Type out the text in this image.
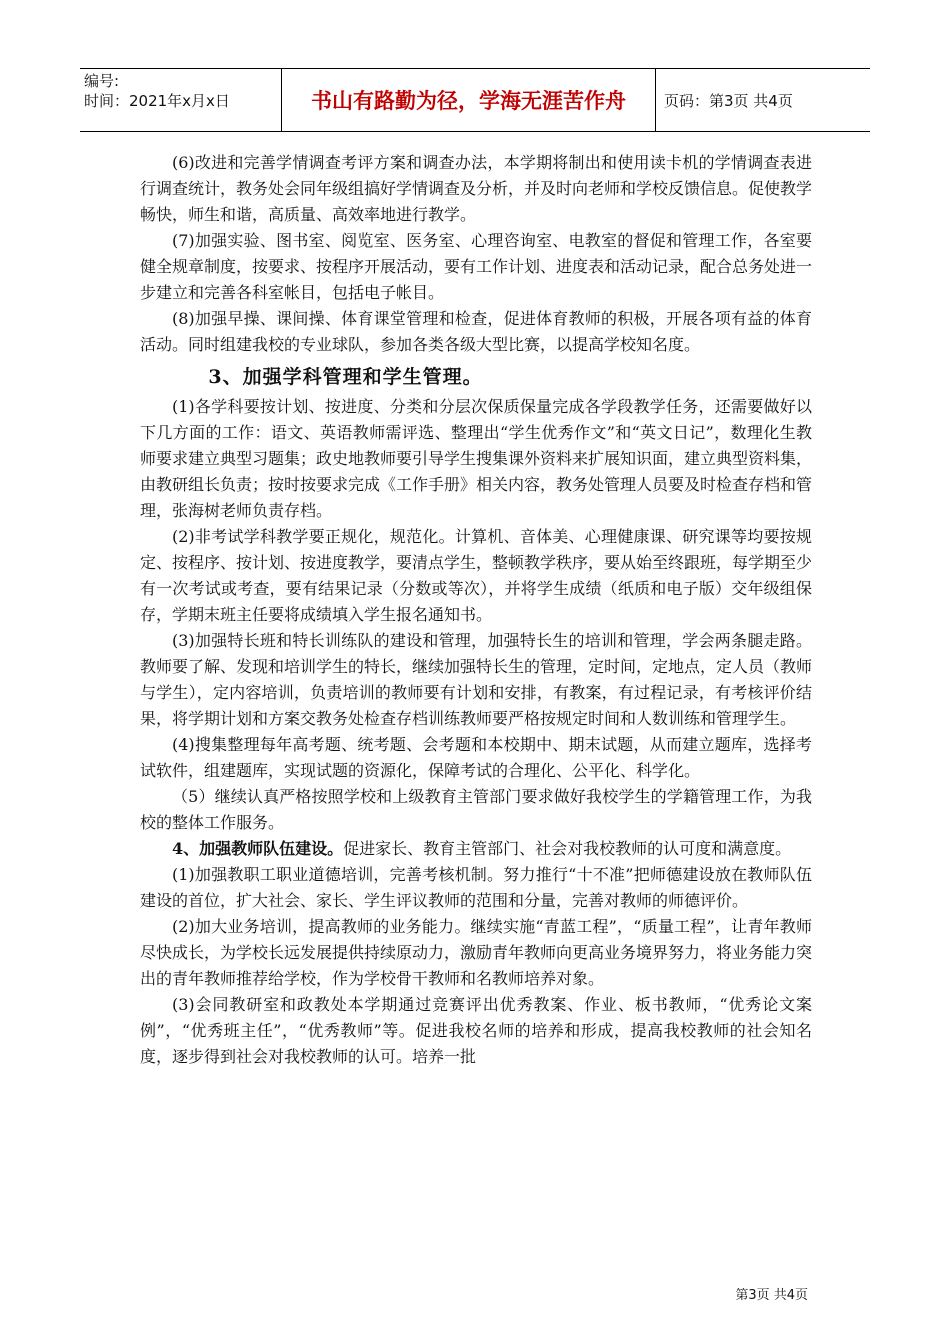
编号:
时间：2021年x月x日	书山有路勤为径，学海无涯苦作舟	页码：第3页 共4页

(6)改进和完善学情调查考评方案和调查办法，本学期将制出和使用读卡机的学情调查表进行调查统计，教务处会同年级组搞好学情调查及分析，并及时向老师和学校反馈信息。促使教学畅快，师生和谐，高质量、高效率地进行教学。

(7)加强实验、图书室、阅览室、医务室、心理咨询室、电教室的督促和管理工作，各室要健全规章制度，按要求、按程序开展活动，要有工作计划、进度表和活动记录，配合总务处进一步建立和完善各科室帐目，包括电子帐目。

(8)加强早操、课间操、体育课堂管理和检查，促进体育教师的积极，开展各项有益的体育活动。同时组建我校的专业球队，参加各类各级大型比赛，以提高学校知名度。

3、加强学科管理和学生管理。

(1)各学科要按计划、按进度、分类和分层次保质保量完成各学段教学任务，还需要做好以下几方面的工作：语文、英语教师需评选、整理出“学生优秀作文”和“英文日记”，数理化生教师要求建立典型习题集；政史地教师要引导学生搜集课外资料来扩展知识面，建立典型资料集，由教研组长负责；按时按要求完成《工作手册》相关内容，教务处管理人员要及时检查存档和管理，张海树老师负责存档。

(2)非考试学科教学要正规化，规范化。计算机、音体美、心理健康课、研究课等均要按规定、按程序、按计划、按进度教学，要清点学生，整顿教学秩序，要从始至终跟班，每学期至少有一次考试或考查，要有结果记录（分数或等次），并将学生成绩（纸质和电子版）交年级组保存，学期末班主任要将成绩填入学生报名通知书。

(3)加强特长班和特长训练队的建设和管理，加强特长生的培训和管理，学会两条腿走路。教师要了解、发现和培训学生的特长，继续加强特长生的管理，定时间，定地点，定人员（教师与学生），定内容培训，负责培训的教师要有计划和安排，有教案，有过程记录，有考核评价结果，将学期计划和方案交教务处检查存档训练教师要严格按规定时间和人数训练和管理学生。

(4)搜集整理每年高考题、统考题、会考题和本校期中、期末试题，从而建立题库，选择考试软件，组建题库，实现试题的资源化，保障考试的合理化、公平化、科学化。

（5）继续认真严格按照学校和上级教育主管部门要求做好我校学生的学籍管理工作，为我校的整体工作服务。

4、加强教师队伍建设。促进家长、教育主管部门、社会对我校教师的认可度和满意度。

(1)加强教职工职业道德培训，完善考核机制。努力推行“十不准”把师德建设放在教师队伍建设的首位，扩大社会、家长、学生评议教师的范围和分量，完善对教师的师德评价。

(2)加大业务培训，提高教师的业务能力。继续实施“青蓝工程”，“质量工程”，让青年教师尽快成长，为学校长远发展提供持续原动力，激励青年教师向更高业务境界努力，将业务能力突出的青年教师推荐给学校，作为学校骨干教师和名教师培养对象。

(3)会同教研室和政教处本学期通过竞赛评出优秀教案、作业、板书教师，“优秀论文案例”，“优秀班主任”，“优秀教师”等。促进我校名师的培养和形成，提高我校教师的社会知名度，逐步得到社会对我校教师的认可。培养一批

第3页 共4页
